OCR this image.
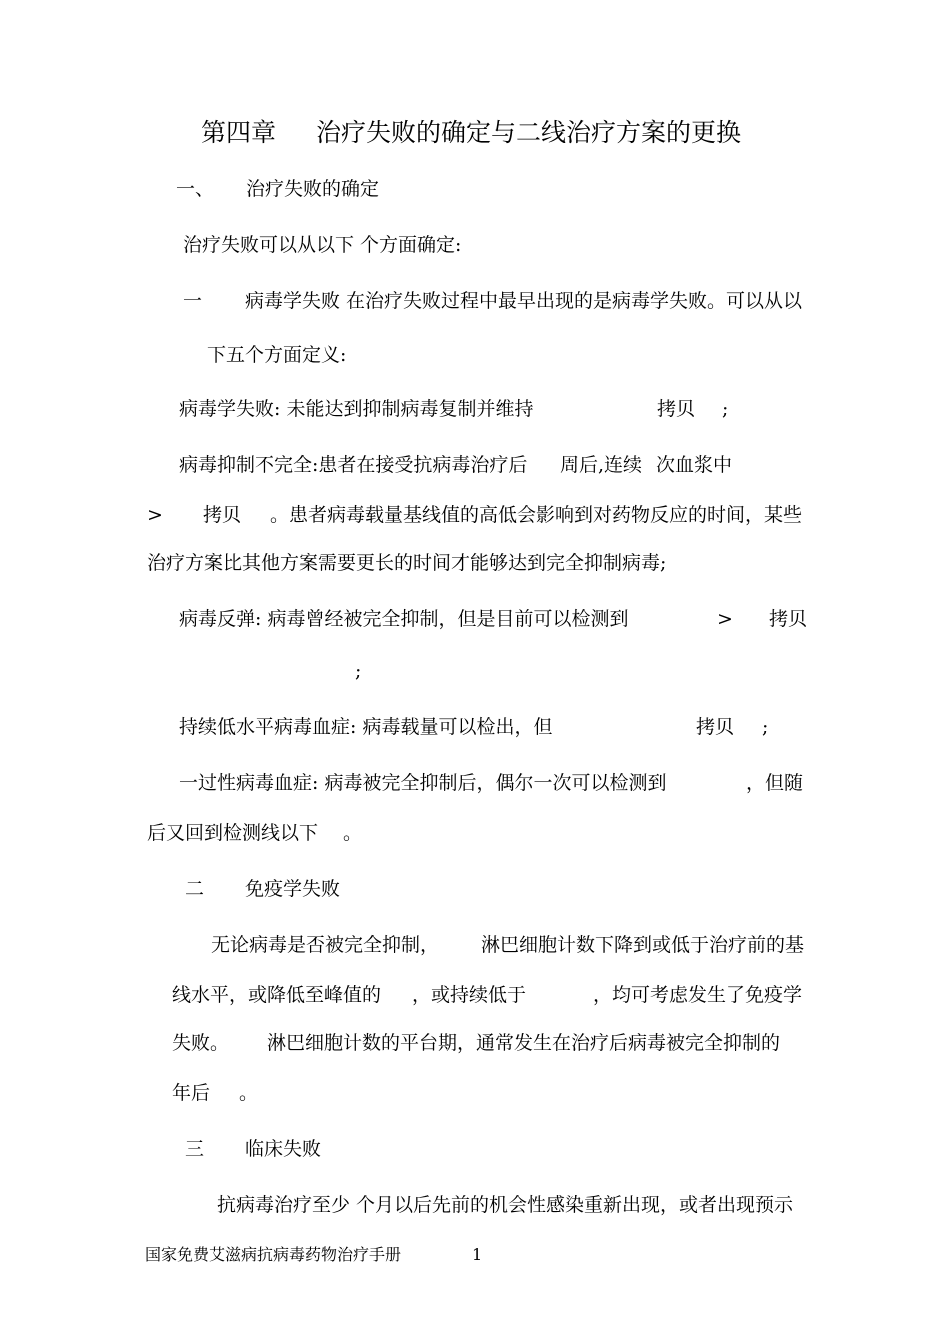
第四章 治疗失败的确定与二线治疗方案的更换
一、 治疗失败的确定
治疗失败可以从以下 个方面确定:
一 病毒学失败 在治疗失败过程中最早出现的是病毒学失败。可以从以
下五个方面定义:
病毒学失败: 未能达到抑制病毒复制并维持	拷贝 ;
病毒抑制不完全:患者在接受抗病毒治疗后 周后,连续 次血浆中
> 拷贝 。患者病毒载量基线值的高低会影响到对药物反应的时间，某些
治疗方案比其他方案需要更长的时间才能够达到完全抑制病毒;
病毒反弹: 病毒曾经被完全抑制，但是目前可以检测到	> 拷贝
;
持续低水平病毒血症: 病毒载量可以检出，但	拷贝 ;
一过性病毒血症: 病毒被完全抑制后，偶尔一次可以检测到	，但随
后又回到检测线以下 。
二 免疫学失败
无论病毒是否被完全抑制， 淋巴细胞计数下降到或低于治疗前的基
线水平，或降低至峰值的 ，或持续低于	，均可考虑发生了免疫学
失败。 淋巴细胞计数的平台期，通常发生在治疗后病毒被完全抑制的
年后 。
三 临床失败
抗病毒治疗至少 个月以后先前的机会性感染重新出现，或者出现预示
国家免费艾滋病抗病毒药物治疗手册	1
